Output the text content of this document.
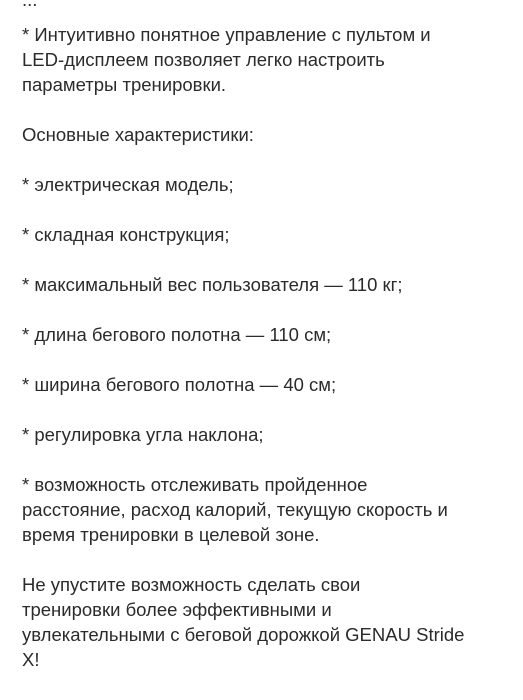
* Интуитивно понятное управление с пультом и
LED-дисплеем позволяет легко настроить
параметры тренировки.

Основные характеристики:

* электрическая модель;

* складная конструкция;

* максимальный вес пользователя — 110 кг;

* длина бегового полотна — 110 см;

* ширина бегового полотна — 40 см;

* регулировка угла наклона;

* возможность отслеживать пройденное
расстояние, расход калорий, текущую скорость и
время тренировки в целевой зоне.

Не упустите возможность сделать свои
тренировки более эффективными и
увлекательными с беговой дорожкой GENAU Stride
X!
